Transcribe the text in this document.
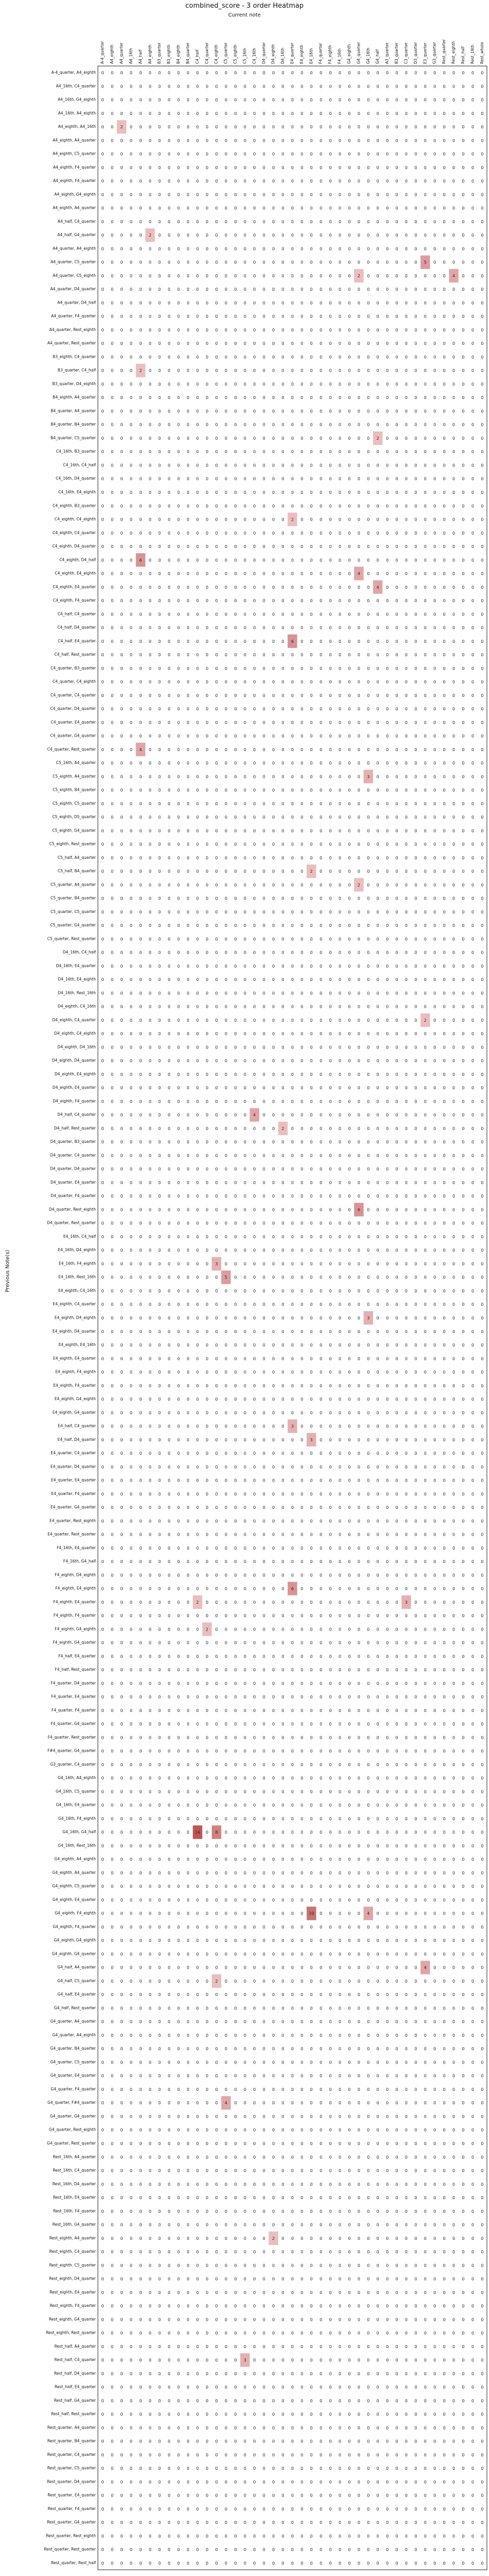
combined_score - 3 order Heatmap
Current note
Previous Note(s)
A-4_quarter A4_eighth A4_quarter A4_16th A4_half A4_eighth B3_quarter B3_eighth B4_eighth B4_quarter C4_half C4_quarter C4_eighth C5_quarter C5_eighth C5_16th C4_16th D4_quarter D4_eighth D4_16th E4_quarter E4_eighth E4_16th F4_quarter F4_eighth F4_16th G4_eighth G4_quarter G4_16th G4_half A3_quarter B3_quarter C3_quarter D3_quarter E3_quarter G3_quarter Rest_quarter Rest_eighth Rest_half Rest_16th Rest_whole
A-4_quarter, A4_eighth 0 0 0 0 0 0 0 0 0 0 0 0 0 0 0 0 0 0 0 0 0 0 0 0 0 0 0 0 0 0 0 0 0 0 0 0 0 0 0 0 0
A4_16th, C4_quarter 0 0 0 0 0 0 0 0 0 0 0 0 0 0 0 0 0 0 0 0 0 0 0 0 0 0 0 0 0 0 0 0 0 0 0 0 0 0 0 0 0
A4_16th, G4_eighth 0 0 0 0 0 0 0 0 0 0 0 0 0 0 0 0 0 0 0 0 0 0 0 0 0 0 0 0 0 0 0 0 0 0 0 0 0 0 0 0 0
A4_16th, A4_eighth 0 0 0 0 0 0 0 0 0 0 0 0 0 0 0 0 0 0 0 0 0 0 0 0 0 0 0 0 0 0 0 0 0 0 0 0 0 0 0 0 0
A4_eighth, A4_16th 0 0 2 0 0 0 0 0 0 0 0 0 0 0 0 0 0 0 0 0 0 0 0 0 0 0 0 0 0 0 0 0 0 0 0 0 0 0 0 0 0
A4_eighth, A4_quarter 0 0 0 0 0 0 0 0 0 0 0 0 0 0 0 0 0 0 0 0 0 0 0 0 0 0 0 0 0 0 0 0 0 0 0 0 0 0 0 0 0
A4_eighth, C5_quarter 0 0 0 0 0 0 0 0 0 0 0 0 0 0 0 0 0 0 0 0 0 0 0 0 0 0 0 0 0 0 0 0 0 0 0 0 0 0 0 0 0
A4_eighth, F4_quarter 0 0 0 0 0 0 0 0 0 0 0 0 0 0 0 0 0 0 0 0 0 0 0 0 0 0 0 0 0 0 0 0 0 0 0 0 0 0 0 0 0
A4_eighth, F4_quarter 0 0 0 0 0 0 0 0 0 0 0 0 0 0 0 0 0 0 0 0 0 0 0 0 0 0 0 0 0 0 0 0 0 0 0 0 0 0 0 0 0
A4_eighth, G4_eighth 0 0 0 0 0 0 0 0 0 0 0 0 0 0 0 0 0 0 0 0 0 0 0 0 0 0 0 0 0 0 0 0 0 0 0 0 0 0 0 0 0
A4_eighth, A4_quarter 0 0 0 0 0 0 0 0 0 0 0 0 0 0 0 0 0 0 0 0 0 0 0 0 0 0 0 0 0 0 0 0 0 0 0 0 0 0 0 0 0
A4_half, C4_quarter 0 0 0 0 0 0 0 0 0 0 0 0 0 0 0 0 0 0 0 0 0 0 0 0 0 0 0 0 0 0 0 0 0 0 0 0 0 0 0 0 0
A4_half, G4_quarter 0 0 0 0 0 2 0 0 0 0 0 0 0 0 0 0 0 0 0 0 0 0 0 0 0 0 0 0 0 0 0 0 0 0 0 0 0 0 0 0 0
A4_quarter, A4_eighth 0 0 0 0 0 0 0 0 0 0 0 0 0 0 0 0 0 0 0 0 0 0 0 0 0 0 0 0 0 0 0 0 0 0 0 0 0 0 0 0 0
A4_quarter, C5_quarter 0 0 0 0 0 0 0 0 0 0 0 0 0 0 0 0 0 0 0 0 0 0 0 0 0 0 0 0 0 0 0 0 0 0 5 0 0 0 0 0 0
A4_quarter, C5_eighth 0 0 0 0 0 0 0 0 0 0 0 0 0 0 0 0 0 0 0 0 0 0 0 0 0 0 0 2 0 0 0 0 0 0 0 0 0 4 0 0 0
A4_quarter, D4_quarter 0 0 0 0 0 0 0 0 0 0 0 0 0 0 0 0 0 0 0 0 0 0 0 0 0 0 0 0 0 0 0 0 0 0 0 0 0 0 0 0 0
A4_quarter, D4_half 0 0 0 0 0 0 0 0 0 0 0 0 0 0 0 0 0 0 0 0 0 0 0 0 0 0 0 0 0 0 0 0 0 0 0 0 0 0 0 0 0
A4_quarter, F4_quarter 0 0 0 0 0 0 0 0 0 0 0 0 0 0 0 0 0 0 0 0 0 0 0 0 0 0 0 0 0 0 0 0 0 0 0 0 0 0 0 0 0
A4_quarter, Rest_eighth 0 0 0 0 0 0 0 0 0 0 0 0 0 0 0 0 0 0 0 0 0 0 0 0 0 0 0 0 0 0 0 0 0 0 0 0 0 0 0 0 0
A4_quarter, Rest_quarter 0 0 0 0 0 0 0 0 0 0 0 0 0 0 0 0 0 0 0 0 0 0 0 0 0 0 0 0 0 0 0 0 0 0 0 0 0 0 0 0 0
B3_eighth, C4_quarter 0 0 0 0 0 0 0 0 0 0 0 0 0 0 0 0 0 0 0 0 0 0 0 0 0 0 0 0 0 0 0 0 0 0 0 0 0 0 0 0 0
B3_quarter, C4_half 0 0 0 0 2 0 0 0 0 0 0 0 0 0 0 0 0 0 0 0 0 0 0 0 0 0 0 0 0 0 0 0 0 0 0 0 0 0 0 0 0
B3_quarter, D4_eighth 0 0 0 0 0 0 0 0 0 0 0 0 0 0 0 0 0 0 0 0 0 0 0 0 0 0 0 0 0 0 0 0 0 0 0 0 0 0 0 0 0
B4_eighth, A4_quarter 0 0 0 0 0 0 0 0 0 0 0 0 0 0 0 0 0 0 0 0 0 0 0 0 0 0 0 0 0 0 0 0 0 0 0 0 0 0 0 0 0
B4_quarter, A4_quarter 0 0 0 0 0 0 0 0 0 0 0 0 0 0 0 0 0 0 0 0 0 0 0 0 0 0 0 0 0 0 0 0 0 0 0 0 0 0 0 0 0
B4_quarter, B4_quarter 0 0 0 0 0 0 0 0 0 0 0 0 0 0 0 0 0 0 0 0 0 0 0 0 0 0 0 0 0 0 0 0 0 0 0 0 0 0 0 0 0
B4_quarter, C5_quarter 0 0 0 0 0 0 0 0 0 0 0 0 0 0 0 0 0 0 0 0 0 0 0 0 0 0 0 0 0 2 0 0 0 0 0 0 0 0 0 0 0
C4_16th, B3_quarter 0 0 0 0 0 0 0 0 0 0 0 0 0 0 0 0 0 0 0 0 0 0 0 0 0 0 0 0 0 0 0 0 0 0 0 0 0 0 0 0 0
C4_16th, C4_half 0 0 0 0 0 0 0 0 0 0 0 0 0 0 0 0 0 0 0 0 0 0 0 0 0 0 0 0 0 0 0 0 0 0 0 0 0 0 0 0 0
C4_16th, D4_quarter 0 0 0 0 0 0 0 0 0 0 0 0 0 0 0 0 0 0 0 0 0 0 0 0 0 0 0 0 0 0 0 0 0 0 0 0 0 0 0 0 0
C4_16th, E4_eighth 0 0 0 0 0 0 0 0 0 0 0 0 0 0 0 0 0 0 0 0 0 0 0 0 0 0 0 0 0 0 0 0 0 0 0 0 0 0 0 0 0
C4_eighth, B3_quarter 0 0 0 0 0 0 0 0 0 0 0 0 0 0 0 0 0 0 0 0 0 0 0 0 0 0 0 0 0 0 0 0 0 0 0 0 0 0 0 0 0
C4_eighth, C4_eighth 0 0 0 0 0 0 0 0 0 0 0 0 0 0 0 0 0 0 0 0 2 0 0 0 0 0 0 0 0 0 0 0 0 0 0 0 0 0 0 0 0
C4_eighth, C4_quarter 0 0 0 0 0 0 0 0 0 0 0 0 0 0 0 0 0 0 0 0 0 0 0 0 0 0 0 0 0 0 0 0 0 0 0 0 0 0 0 0 0
C4_eighth, D4_quarter 0 0 0 0 0 0 0 0 0 0 0 0 0 0 0 0 0 0 0 0 0 0 0 0 0 0 0 0 0 0 0 0 0 0 0 0 0 0 0 0 0
C4_eighth, D4_half 0 0 0 0 6 0 0 0 0 0 0 0 0 0 0 0 0 0 0 0 0 0 0 0 0 0 0 0 0 0 0 0 0 0 0 0 0 0 0 0 0
C4_eighth, E4_eighth 0 0 0 0 0 0 0 0 0 0 0 0 0 0 0 0 0 0 0 0 0 0 0 0 0 0 0 4 0 0 0 0 0 0 0 0 0 0 0 0 0
C4_eighth, E4_quarter 0 0 0 0 0 0 0 0 0 0 0 0 0 0 0 0 0 0 0 0 0 0 0 0 0 0 0 0 0 4 0 0 0 0 0 0 0 0 0 0 0
C4_eighth, F4_quarter 0 0 0 0 0 0 0 0 0 0 0 0 0 0 0 0 0 0 0 0 0 0 0 0 0 0 0 0 0 0 0 0 0 0 0 0 0 0 0 0 0
C4_half, C4_quarter 0 0 0 0 0 0 0 0 0 0 0 0 0 0 0 0 0 0 0 0 0 0 0 0 0 0 0 0 0 0 0 0 0 0 0 0 0 0 0 0 0
C4_half, D4_quarter 0 0 0 0 0 0 0 0 0 0 0 0 0 0 0 0 0 0 0 0 0 0 0 0 0 0 0 0 0 0 0 0 0 0 0 0 0 0 0 0 0
C4_half, E4_quarter 0 0 0 0 0 0 0 0 0 0 0 0 0 0 0 0 0 0 0 0 6 0 0 0 0 0 0 0 0 0 0 0 0 0 0 0 0 0 0 0 0
C4_half, Rest_quarter 0 0 0 0 0 0 0 0 0 0 0 0 0 0 0 0 0 0 0 0 0 0 0 0 0 0 0 0 0 0 0 0 0 0 0 0 0 0 0 0 0
C4_quarter, B3_quarter 0 0 0 0 0 0 0 0 0 0 0 0 0 0 0 0 0 0 0 0 0 0 0 0 0 0 0 0 0 0 0 0 0 0 0 0 0 0 0 0 0
C4_quarter, C4_eighth 0 0 0 0 0 0 0 0 0 0 0 0 0 0 0 0 0 0 0 0 0 0 0 0 0 0 0 0 0 0 0 0 0 0 0 0 0 0 0 0 0
C4_quarter, C4_quarter 0 0 0 0 0 0 0 0 0 0 0 0 0 0 0 0 0 0 0 0 0 0 0 0 0 0 0 0 0 0 0 0 0 0 0 0 0 0 0 0 0
C4_quarter, D4_quarter 0 0 0 0 0 0 0 0 0 0 0 0 0 0 0 0 0 0 0 0 0 0 0 0 0 0 0 0 0 0 0 0 0 0 0 0 0 0 0 0 0
C4_quarter, E4_quarter 0 0 0 0 0 0 0 0 0 0 0 0 0 0 0 0 0 0 0 0 0 0 0 0 0 0 0 0 0 0 0 0 0 0 0 0 0 0 0 0 0
C4_quarter, G4_quarter 0 0 0 0 0 0 0 0 0 0 0 0 0 0 0 0 0 0 0 0 0 0 0 0 0 0 0 0 0 0 0 0 0 0 0 0 0 0 0 0 0
C4_quarter, Rest_quarter 0 0 0 0 4 0 0 0 0 0 0 0 0 0 0 0 0 0 0 0 0 0 0 0 0 0 0 0 0 0 0 0 0 0 0 0 0 0 0 0 0
C5_16th, A4_quarter 0 0 0 0 0 0 0 0 0 0 0 0 0 0 0 0 0 0 0 0 0 0 0 0 0 0 0 0 0 0 0 0 0 0 0 0 0 0 0 0 0
C5_eighth, A4_quarter 0 0 0 0 0 0 0 0 0 0 0 0 0 0 0 0 0 0 0 0 0 0 0 0 0 0 0 0 3 0 0 0 0 0 0 0 0 0 0 0 0
C5_eighth, B4_quarter 0 0 0 0 0 0 0 0 0 0 0 0 0 0 0 0 0 0 0 0 0 0 0 0 0 0 0 0 0 0 0 0 0 0 0 0 0 0 0 0 0
C5_eighth, C5_quarter 0 0 0 0 0 0 0 0 0 0 0 0 0 0 0 0 0 0 0 0 0 0 0 0 0 0 0 0 0 0 0 0 0 0 0 0 0 0 0 0 0
C5_eighth, D5_quarter 0 0 0 0 0 0 0 0 0 0 0 0 0 0 0 0 0 0 0 0 0 0 0 0 0 0 0 0 0 0 0 0 0 0 0 0 0 0 0 0 0
C5_eighth, G4_quarter 0 0 0 0 0 0 0 0 0 0 0 0 0 0 0 0 0 0 0 0 0 0 0 0 0 0 0 0 0 0 0 0 0 0 0 0 0 0 0 0 0
C5_eighth, Rest_quarter 0 0 0 0 0 0 0 0 0 0 0 0 0 0 0 0 0 0 0 0 0 0 0 0 0 0 0 0 0 0 0 0 0 0 0 0 0 0 0 0 0
C5_half, A4_quarter 0 0 0 0 0 0 0 0 0 0 0 0 0 0 0 0 0 0 0 0 0 0 0 0 0 0 0 0 0 0 0 0 0 0 0 0 0 0 0 0 0
C5_half, B4_quarter 0 0 0 0 0 0 0 0 0 0 0 0 0 0 0 0 0 0 0 0 0 0 2 0 0 0 0 0 0 0 0 0 0 0 0 0 0 0 0 0 0
C5_quarter, A4_quarter 0 0 0 0 0 0 0 0 0 0 0 0 0 0 0 0 0 0 0 0 0 0 0 0 0 0 0 2 0 0 0 0 0 0 0 0 0 0 0 0 0
C5_quarter, B4_quarter 0 0 0 0 0 0 0 0 0 0 0 0 0 0 0 0 0 0 0 0 0 0 0 0 0 0 0 0 0 0 0 0 0 0 0 0 0 0 0 0 0
C5_quarter, C5_quarter 0 0 0 0 0 0 0 0 0 0 0 0 0 0 0 0 0 0 0 0 0 0 0 0 0 0 0 0 0 0 0 0 0 0 0 0 0 0 0 0 0
C5_quarter, G4_quarter 0 0 0 0 0 0 0 0 0 0 0 0 0 0 0 0 0 0 0 0 0 0 0 0 0 0 0 0 0 0 0 0 0 0 0 0 0 0 0 0 0
C5_quarter, Rest_quarter 0 0 0 0 0 0 0 0 0 0 0 0 0 0 0 0 0 0 0 0 0 0 0 0 0 0 0 0 0 0 0 0 0 0 0 0 0 0 0 0 0
D4_16th, C4_half 0 0 0 0 0 0 0 0 0 0 0 0 0 0 0 0 0 0 0 0 0 0 0 0 0 0 0 0 0 0 0 0 0 0 0 0 0 0 0 0 0
D4_16th, E4_quarter 0 0 0 0 0 0 0 0 0 0 0 0 0 0 0 0 0 0 0 0 0 0 0 0 0 0 0 0 0 0 0 0 0 0 0 0 0 0 0 0 0
D4_16th, E4_eighth 0 0 0 0 0 0 0 0 0 0 0 0 0 0 0 0 0 0 0 0 0 0 0 0 0 0 0 0 0 0 0 0 0 0 0 0 0 0 0 0 0
D4_16th, Rest_16th 0 0 0 0 0 0 0 0 0 0 0 0 0 0 0 0 0 0 0 0 0 0 0 0 0 0 0 0 0 0 0 0 0 0 0 0 0 0 0 0 0
D4_eighth, C4_16th 0 0 0 0 0 0 0 0 0 0 0 0 0 0 0 0 0 0 0 0 0 0 0 0 0 0 0 0 0 0 0 0 0 0 0 0 0 0 0 0 0
D4_eighth, C4_quarter 0 0 0 0 0 0 0 0 0 0 0 0 0 0 0 0 0 0 0 0 0 0 0 0 0 0 0 0 0 0 0 0 0 0 2 0 0 0 0 0 0
D4_eighth, C4_eighth 0 0 0 0 0 0 0 0 0 0 0 0 0 0 0 0 0 0 0 0 0 0 0 0 0 0 0 0 0 0 0 0 0 0 0 0 0 0 0 0 0
D4_eighth, D4_16th 0 0 0 0 0 0 0 0 0 0 0 0 0 0 0 0 0 0 0 0 0 0 0 0 0 0 0 0 0 0 0 0 0 0 0 0 0 0 0 0 0
D4_eighth, D4_quarter 0 0 0 0 0 0 0 0 0 0 0 0 0 0 0 0 0 0 0 0 0 0 0 0 0 0 0 0 0 0 0 0 0 0 0 0 0 0 0 0 0
D4_eighth, E4_eighth 0 0 0 0 0 0 0 0 0 0 0 0 0 0 0 0 0 0 0 0 0 0 0 0 0 0 0 0 0 0 0 0 0 0 0 0 0 0 0 0 0
D4_eighth, E4_quarter 0 0 0 0 0 0 0 0 0 0 0 0 0 0 0 0 0 0 0 0 0 0 0 0 0 0 0 0 0 0 0 0 0 0 0 0 0 0 0 0 0
D4_eighth, F4_quarter 0 0 0 0 0 0 0 0 0 0 0 0 0 0 0 0 0 0 0 0 0 0 0 0 0 0 0 0 0 0 0 0 0 0 0 0 0 0 0 0 0
D4_half, C4_quarter 0 0 0 0 0 0 0 0 0 0 0 0 0 0 0 0 4 0 0 0 0 0 0 0 0 0 0 0 0 0 0 0 0 0 0 0 0 0 0 0 0
D4_half, Rest_quarter 0 0 0 0 0 0 0 0 0 0 0 0 0 0 0 0 0 0 0 2 0 0 0 0 0 0 0 0 0 0 0 0 0 0 0 0 0 0 0 0 0
D4_quarter, B3_quarter 0 0 0 0 0 0 0 0 0 0 0 0 0 0 0 0 0 0 0 0 0 0 0 0 0 0 0 0 0 0 0 0 0 0 0 0 0 0 0 0 0
D4_quarter, C4_quarter 0 0 0 0 0 0 0 0 0 0 0 0 0 0 0 0 0 0 0 0 0 0 0 0 0 0 0 0 0 0 0 0 0 0 0 0 0 0 0 0 0
D4_quarter, D4_quarter 0 0 0 0 0 0 0 0 0 0 0 0 0 0 0 0 0 0 0 0 0 0 0 0 0 0 0 0 0 0 0 0 0 0 0 0 0 0 0 0 0
D4_quarter, E4_quarter 0 0 0 0 0 0 0 0 0 0 0 0 0 0 0 0 0 0 0 0 0 0 0 0 0 0 0 0 0 0 0 0 0 0 0 0 0 0 0 0 0
D4_quarter, F4_quarter 0 0 0 0 0 0 0 0 0 0 0 0 0 0 0 0 0 0 0 0 0 0 0 0 0 0 0 0 0 0 0 0 0 0 0 0 0 0 0 0 0
D4_quarter, Rest_eighth 0 0 0 0 0 0 0 0 0 0 0 0 0 0 0 0 0 0 0 0 0 0 0 0 0 0 0 6 0 0 0 0 0 0 0 0 0 0 0 0 0
D4_quarter, Rest_quarter 0 0 0 0 0 0 0 0 0 0 0 0 0 0 0 0 0 0 0 0 0 0 0 0 0 0 0 0 0 0 0 0 0 0 0 0 0 0 0 0 0
E4_16th, C4_half 0 0 0 0 0 0 0 0 0 0 0 0 0 0 0 0 0 0 0 0 0 0 0 0 0 0 0 0 0 0 0 0 0 0 0 0 0 0 0 0 0
E4_16th, D4_eighth 0 0 0 0 0 0 0 0 0 0 0 0 0 0 0 0 0 0 0 0 0 0 0 0 0 0 0 0 0 0 0 0 0 0 0 0 0 0 0 0 0
E4_16th, F4_eighth 0 0 0 0 0 0 0 0 0 0 0 0 3 0 0 0 0 0 0 0 0 0 0 0 0 0 0 0 0 0 0 0 0 0 0 0 0 0 0 0 0
E4_16th, Rest_16th 0 0 0 0 0 0 0 0 0 0 0 0 0 5 0 0 0 0 0 0 0 0 0 0 0 0 0 0 0 0 0 0 0 0 0 0 0 0 0 0 0
E4_eighth, C4_16th 0 0 0 0 0 0 0 0 0 0 0 0 0 0 0 0 0 0 0 0 0 0 0 0 0 0 0 0 0 0 0 0 0 0 0 0 0 0 0 0 0
E4_eighth, C4_quarter 0 0 0 0 0 0 0 0 0 0 0 0 0 0 0 0 0 0 0 0 0 0 0 0 0 0 0 0 0 0 0 0 0 0 0 0 0 0 0 0 0
E4_eighth, D4_eighth 0 0 0 0 0 0 0 0 0 0 0 0 0 0 0 0 0 0 0 0 0 0 0 0 0 0 0 0 3 0 0 0 0 0 0 0 0 0 0 0 0
E4_eighth, D4_quarter 0 0 0 0 0 0 0 0 0 0 0 0 0 0 0 0 0 0 0 0 0 0 0 0 0 0 0 0 0 0 0 0 0 0 0 0 0 0 0 0 0
E4_eighth, E4_16th 0 0 0 0 0 0 0 0 0 0 0 0 0 0 0 0 0 0 0 0 0 0 0 0 0 0 0 0 0 0 0 0 0 0 0 0 0 0 0 0 0
E4_eighth, E4_quarter 0 0 0 0 0 0 0 0 0 0 0 0 0 0 0 0 0 0 0 0 0 0 0 0 0 0 0 0 0 0 0 0 0 0 0 0 0 0 0 0 0
E4_eighth, F4_eighth 0 0 0 0 0 0 0 0 0 0 0 0 0 0 0 0 0 0 0 0 0 0 0 0 0 0 0 0 0 0 0 0 0 0 0 0 0 0 0 0 0
E4_eighth, F4_quarter 0 0 0 0 0 0 0 0 0 0 0 0 0 0 0 0 0 0 0 0 0 0 0 0 0 0 0 0 0 0 0 0 0 0 0 0 0 0 0 0 0
E4_eighth, G4_eighth 0 0 0 0 0 0 0 0 0 0 0 0 0 0 0 0 0 0 0 0 0 0 0 0 0 0 0 0 0 0 0 0 0 0 0 0 0 0 0 0 0
E4_eighth, G4_quarter 0 0 0 0 0 0 0 0 0 0 0 0 0 0 0 0 0 0 0 0 0 0 0 0 0 0 0 0 0 0 0 0 0 0 0 0 0 0 0 0 0
E4_half, C4_quarter 0 0 0 0 0 0 0 0 0 0 0 0 0 0 0 0 0 0 0 0 3 0 0 0 0 0 0 0 0 0 0 0 0 0 0 0 0 0 0 0 0
E4_half, D4_quarter 0 0 0 0 0 0 0 0 0 0 0 0 0 0 0 0 0 0 0 0 0 0 3 0 0 0 0 0 0 0 0 0 0 0 0 0 0 0 0 0 0
E4_quarter, C4_quarter 0 0 0 0 0 0 0 0 0 0 0 0 0 0 0 0 0 0 0 0 0 0 0 0 0 0 0 0 0 0 0 0 0 0 0 0 0 0 0 0 0
E4_quarter, D4_quarter 0 0 0 0 0 0 0 0 0 0 0 0 0 0 0 0 0 0 0 0 0 0 0 0 0 0 0 0 0 0 0 0 0 0 0 0 0 0 0 0 0
E4_quarter, E4_quarter 0 0 0 0 0 0 0 0 0 0 0 0 0 0 0 0 0 0 0 0 0 0 0 0 0 0 0 0 0 0 0 0 0 0 0 0 0 0 0 0 0
E4_quarter, F4_quarter 0 0 0 0 0 0 0 0 0 0 0 0 0 0 0 0 0 0 0 0 0 0 0 0 0 0 0 0 0 0 0 0 0 0 0 0 0 0 0 0 0
E4_quarter, G4_quarter 0 0 0 0 0 0 0 0 0 0 0 0 0 0 0 0 0 0 0 0 0 0 0 0 0 0 0 0 0 0 0 0 0 0 0 0 0 0 0 0 0
E4_quarter, Rest_eighth 0 0 0 0 0 0 0 0 0 0 0 0 0 0 0 0 0 0 0 0 0 0 0 0 0 0 0 0 0 0 0 0 0 0 0 0 0 0 0 0 0
E4_quarter, Rest_quarter 0 0 0 0 0 0 0 0 0 0 0 0 0 0 0 0 0 0 0 0 0 0 0 0 0 0 0 0 0 0 0 0 0 0 0 0 0 0 0 0 0
F4_16th, E4_quarter 0 0 0 0 0 0 0 0 0 0 0 0 0 0 0 0 0 0 0 0 0 0 0 0 0 0 0 0 0 0 0 0 0 0 0 0 0 0 0 0 0
F4_16th, G4_half 0 0 0 0 0 0 0 0 0 0 0 0 0 0 0 0 0 0 0 0 0 0 0 0 0 0 0 0 0 0 0 0 0 0 0 0 0 0 0 0 0
F4_eighth, D4_eighth 0 0 0 0 0 0 0 0 0 0 0 0 0 0 0 0 0 0 0 0 0 0 0 0 0 0 0 0 0 0 0 0 0 0 0 0 0 0 0 0 0
F4_eighth, E4_eighth 0 0 0 0 0 0 0 0 0 0 0 0 0 0 0 0 0 0 0 0 6 0 0 0 0 0 0 0 0 0 0 0 0 0 0 0 0 0 0 0 0
F4_eighth, E4_quarter 0 0 0 0 0 0 0 0 0 0 2 0 0 0 0 0 0 0 0 0 0 0 0 0 0 0 0 0 0 0 0 0 3 0 0 0 0 0 0 0 0
F4_eighth, F4_quarter 0 0 0 0 0 0 0 0 0 0 0 0 0 0 0 0 0 0 0 0 0 0 0 0 0 0 0 0 0 0 0 0 0 0 0 0 0 0 0 0 0
F4_eighth, G4_eighth 0 0 0 0 0 0 0 0 0 0 0 2 0 0 0 0 0 0 0 0 0 0 0 0 0 0 0 0 0 0 0 0 0 0 0 0 0 0 0 0 0
F4_eighth, G4_quarter 0 0 0 0 0 0 0 0 0 0 0 0 0 0 0 0 0 0 0 0 0 0 0 0 0 0 0 0 0 0 0 0 0 0 0 0 0 0 0 0 0
F4_half, E4_quarter 0 0 0 0 0 0 0 0 0 0 0 0 0 0 0 0 0 0 0 0 0 0 0 0 0 0 0 0 0 0 0 0 0 0 0 0 0 0 0 0 0
F4_half, Rest_quarter 0 0 0 0 0 0 0 0 0 0 0 0 0 0 0 0 0 0 0 0 0 0 0 0 0 0 0 0 0 0 0 0 0 0 0 0 0 0 0 0 0
F4_quarter, D4_quarter 0 0 0 0 0 0 0 0 0 0 0 0 0 0 0 0 0 0 0 0 0 0 0 0 0 0 0 0 0 0 0 0 0 0 0 0 0 0 0 0 0
F4_quarter, E4_quarter 0 0 0 0 0 0 0 0 0 0 0 0 0 0 0 0 0 0 0 0 0 0 0 0 0 0 0 0 0 0 0 0 0 0 0 0 0 0 0 0 0
F4_quarter, F4_quarter 0 0 0 0 0 0 0 0 0 0 0 0 0 0 0 0 0 0 0 0 0 0 0 0 0 0 0 0 0 0 0 0 0 0 0 0 0 0 0 0 0
F4_quarter, G4_quarter 0 0 0 0 0 0 0 0 0 0 0 0 0 0 0 0 0 0 0 0 0 0 0 0 0 0 0 0 0 0 0 0 0 0 0 0 0 0 0 0 0
F4_quarter, Rest_quarter 0 0 0 0 0 0 0 0 0 0 0 0 0 0 0 0 0 0 0 0 0 0 0 0 0 0 0 0 0 0 0 0 0 0 0 0 0 0 0 0 0
F#4_quarter, G4_quarter 0 0 0 0 0 0 0 0 0 0 0 0 0 0 0 0 0 0 0 0 0 0 0 0 0 0 0 0 0 0 0 0 0 0 0 0 0 0 0 0 0
G3_quarter, C4_quarter 0 0 0 0 0 0 0 0 0 0 0 0 0 0 0 0 0 0 0 0 0 0 0 0 0 0 0 0 0 0 0 0 0 0 0 0 0 0 0 0 0
G4_16th, A4_eighth 0 0 0 0 0 0 0 0 0 0 0 0 0 0 0 0 0 0 0 0 0 0 0 0 0 0 0 0 0 0 0 0 0 0 0 0 0 0 0 0 0
G4_16th, C5_quarter 0 0 0 0 0 0 0 0 0 0 0 0 0 0 0 0 0 0 0 0 0 0 0 0 0 0 0 0 0 0 0 0 0 0 0 0 0 0 0 0 0
G4_16th, E4_quarter 0 0 0 0 0 0 0 0 0 0 0 0 0 0 0 0 0 0 0 0 0 0 0 0 0 0 0 0 0 0 0 0 0 0 0 0 0 0 0 0 0
G4_16th, F4_eighth 0 0 0 0 0 0 0 0 0 0 0 0 0 0 0 0 0 0 0 0 0 0 0 0 0 0 0 0 0 0 0 0 0 0 0 0 0 0 0 0 0
G4_16th, G4_half 0 0 0 0 0 0 0 0 0 0 14 0 8 0 0 0 0 0 0 0 0 0 0 0 0 0 0 0 0 0 0 0 0 0 0 0 0 0 0 0 0
G4_16th, Rest_16th 0 0 0 0 0 0 0 0 0 0 0 0 0 0 0 0 0 0 0 0 0 0 0 0 0 0 0 0 0 0 0 0 0 0 0 0 0 0 0 0 0
G4_eighth, A4_eighth 0 0 0 0 0 0 0 0 0 0 0 0 0 0 0 0 0 0 0 0 0 0 0 0 0 0 0 0 0 0 0 0 0 0 0 0 0 0 0 0 0
G4_eighth, A4_quarter 0 0 0 0 0 0 0 0 0 0 0 0 0 0 0 0 0 0 0 0 0 0 0 0 0 0 0 0 0 0 0 0 0 0 0 0 0 0 0 0 0
G4_eighth, C5_quarter 0 0 0 0 0 0 0 0 0 0 0 0 0 0 0 0 0 0 0 0 0 0 0 0 0 0 0 0 0 0 0 0 0 0 0 0 0 0 0 0 0
G4_eighth, E4_quarter 0 0 0 0 0 0 0 0 0 0 0 0 0 0 0 0 0 0 0 0 0 0 0 0 0 0 0 0 0 0 0 0 0 0 0 0 0 0 0 0 0
G4_eighth, F4_eighth 0 0 0 0 0 0 0 0 0 0 0 0 0 0 0 0 0 0 0 0 0 0 10 0 0 0 0 0 4 0 0 0 0 0 0 0 0 0 0 0 0
G4_eighth, F4_quarter 0 0 0 0 0 0 0 0 0 0 0 0 0 0 0 0 0 0 0 0 0 0 0 0 0 0 0 0 0 0 0 0 0 0 0 0 0 0 0 0 0
G4_eighth, G4_eighth 0 0 0 0 0 0 0 0 0 0 0 0 0 0 0 0 0 0 0 0 0 0 0 0 0 0 0 0 0 0 0 0 0 0 0 0 0 0 0 0 0
G4_eighth, G4_quarter 0 0 0 0 0 0 0 0 0 0 0 0 0 0 0 0 0 0 0 0 0 0 0 0 0 0 0 0 0 0 0 0 0 0 0 0 0 0 0 0 0
G4_half, A4_quarter 0 0 0 0 0 0 0 0 0 0 0 0 0 0 0 0 0 0 0 0 0 0 0 0 0 0 0 0 0 0 0 0 0 0 4 0 0 0 0 0 0
G4_half, C5_quarter 0 0 0 0 0 0 0 0 0 0 0 0 2 0 0 0 0 0 0 0 0 0 0 0 0 0 0 0 0 0 0 0 0 0 0 0 0 0 0 0 0
G4_half, E4_quarter 0 0 0 0 0 0 0 0 0 0 0 0 0 0 0 0 0 0 0 0 0 0 0 0 0 0 0 0 0 0 0 0 0 0 0 0 0 0 0 0 0
G4_half, Rest_quarter 0 0 0 0 0 0 0 0 0 0 0 0 0 0 0 0 0 0 0 0 0 0 0 0 0 0 0 0 0 0 0 0 0 0 0 0 0 0 0 0 0
G4_quarter, A4_quarter 0 0 0 0 0 0 0 0 0 0 0 0 0 0 0 0 0 0 0 0 0 0 0 0 0 0 0 0 0 0 0 0 0 0 0 0 0 0 0 0 0
G4_quarter, A4_eighth 0 0 0 0 0 0 0 0 0 0 0 0 0 0 0 0 0 0 0 0 0 0 0 0 0 0 0 0 0 0 0 0 0 0 0 0 0 0 0 0 0
G4_quarter, B4_quarter 0 0 0 0 0 0 0 0 0 0 0 0 0 0 0 0 0 0 0 0 0 0 0 0 0 0 0 0 0 0 0 0 0 0 0 0 0 0 0 0 0
G4_quarter, C5_quarter 0 0 0 0 0 0 0 0 0 0 0 0 0 0 0 0 0 0 0 0 0 0 0 0 0 0 0 0 0 0 0 0 0 0 0 0 0 0 0 0 0
G4_quarter, E4_quarter 0 0 0 0 0 0 0 0 0 0 0 0 0 0 0 0 0 0 0 0 0 0 0 0 0 0 0 0 0 0 0 0 0 0 0 0 0 0 0 0 0
G4_quarter, F4_quarter 0 0 0 0 0 0 0 0 0 0 0 0 0 0 0 0 0 0 0 0 0 0 0 0 0 0 0 0 0 0 0 0 0 0 0 0 0 0 0 0 0
G4_quarter, F#4_quarter 0 0 0 0 0 0 0 0 0 0 0 0 0 4 0 0 0 0 0 0 0 0 0 0 0 0 0 0 0 0 0 0 0 0 0 0 0 0 0 0 0
G4_quarter, G4_quarter 0 0 0 0 0 0 0 0 0 0 0 0 0 0 0 0 0 0 0 0 0 0 0 0 0 0 0 0 0 0 0 0 0 0 0 0 0 0 0 0 0
G4_quarter, Rest_eighth 0 0 0 0 0 0 0 0 0 0 0 0 0 0 0 0 0 0 0 0 0 0 0 0 0 0 0 0 0 0 0 0 0 0 0 0 0 0 0 0 0
G4_quarter, Rest_quarter 0 0 0 0 0 0 0 0 0 0 0 0 0 0 0 0 0 0 0 0 0 0 0 0 0 0 0 0 0 0 0 0 0 0 0 0 0 0 0 0 0
Rest_16th, A4_quarter 0 0 0 0 0 0 0 0 0 0 0 0 0 0 0 0 0 0 0 0 0 0 0 0 0 0 0 0 0 0 0 0 0 0 0 0 0 0 0 0 0
Rest_16th, C4_quarter 0 0 0 0 0 0 0 0 0 0 0 0 0 0 0 0 0 0 0 0 0 0 0 0 0 0 0 0 0 0 0 0 0 0 0 0 0 0 0 0 0
Rest_16th, D4_quarter 0 0 0 0 0 0 0 0 0 0 0 0 0 0 0 0 0 0 0 0 0 0 0 0 0 0 0 0 0 0 0 0 0 0 0 0 0 0 0 0 0
Rest_16th, E4_quarter 0 0 0 0 0 0 0 0 0 0 0 0 0 0 0 0 0 0 0 0 0 0 0 0 0 0 0 0 0 0 0 0 0 0 0 0 0 0 0 0 0
Rest_16th, F4_quarter 0 0 0 0 0 0 0 0 0 0 0 0 0 0 0 0 0 0 0 0 0 0 0 0 0 0 0 0 0 0 0 0 0 0 0 0 0 0 0 0 0
Rest_16th, G4_quarter 0 0 0 0 0 0 0 0 0 0 0 0 0 0 0 0 0 0 0 0 0 0 0 0 0 0 0 0 0 0 0 0 0 0 0 0 0 0 0 0 0
Rest_eighth, A4_quarter 0 0 0 0 0 0 0 0 0 0 0 0 0 0 0 0 0 0 2 0 0 0 0 0 0 0 0 0 0 0 0 0 0 0 0 0 0 0 0 0 0
Rest_eighth, C4_quarter 0 0 0 0 0 0 0 0 0 0 0 0 0 0 0 0 0 0 0 0 0 0 0 0 0 0 0 0 0 0 0 0 0 0 0 0 0 0 0 0 0
Rest_eighth, C5_quarter 0 0 0 0 0 0 0 0 0 0 0 0 0 0 0 0 0 0 0 0 0 0 0 0 0 0 0 0 0 0 0 0 0 0 0 0 0 0 0 0 0
Rest_eighth, D4_quarter 0 0 0 0 0 0 0 0 0 0 0 0 0 0 0 0 0 0 0 0 0 0 0 0 0 0 0 0 0 0 0 0 0 0 0 0 0 0 0 0 0
Rest_eighth, E4_quarter 0 0 0 0 0 0 0 0 0 0 0 0 0 0 0 0 0 0 0 0 0 0 0 0 0 0 0 0 0 0 0 0 0 0 0 0 0 0 0 0 0
Rest_eighth, F4_quarter 0 0 0 0 0 0 0 0 0 0 0 0 0 0 0 0 0 0 0 0 0 0 0 0 0 0 0 0 0 0 0 0 0 0 0 0 0 0 0 0 0
Rest_eighth, G4_quarter 0 0 0 0 0 0 0 0 0 0 0 0 0 0 0 0 0 0 0 0 0 0 0 0 0 0 0 0 0 0 0 0 0 0 0 0 0 0 0 0 0
Rest_eighth, Rest_quarter 0 0 0 0 0 0 0 0 0 0 0 0 0 0 0 0 0 0 0 0 0 0 0 0 0 0 0 0 0 0 0 0 0 0 0 0 0 0 0 0 0
Rest_half, A4_quarter 0 0 0 0 0 0 0 0 0 0 0 0 0 0 0 0 0 0 0 0 0 0 0 0 0 0 0 0 0 0 0 0 0 0 0 0 0 0 0 0 0
Rest_half, C4_quarter 0 0 0 0 0 0 0 0 0 0 0 0 0 0 0 3 0 0 0 0 0 0 0 0 0 0 0 0 0 0 0 0 0 0 0 0 0 0 0 0 0
Rest_half, D4_quarter 0 0 0 0 0 0 0 0 0 0 0 0 0 0 0 0 0 0 0 0 0 0 0 0 0 0 0 0 0 0 0 0 0 0 0 0 0 0 0 0 0
Rest_half, E4_quarter 0 0 0 0 0 0 0 0 0 0 0 0 0 0 0 0 0 0 0 0 0 0 0 0 0 0 0 0 0 0 0 0 0 0 0 0 0 0 0 0 0
Rest_half, G4_quarter 0 0 0 0 0 0 0 0 0 0 0 0 0 0 0 0 0 0 0 0 0 0 0 0 0 0 0 0 0 0 0 0 0 0 0 0 0 0 0 0 0
Rest_half, Rest_quarter 0 0 0 0 0 0 0 0 0 0 0 0 0 0 0 0 0 0 0 0 0 0 0 0 0 0 0 0 0 0 0 0 0 0 0 0 0 0 0 0 0
Rest_quarter, A4_quarter 0 0 0 0 0 0 0 0 0 0 0 0 0 0 0 0 0 0 0 0 0 0 0 0 0 0 0 0 0 0 0 0 0 0 0 0 0 0 0 0 0
Rest_quarter, B4_quarter 0 0 0 0 0 0 0 0 0 0 0 0 0 0 0 0 0 0 0 0 0 0 0 0 0 0 0 0 0 0 0 0 0 0 0 0 0 0 0 0 0
Rest_quarter, C4_quarter 0 0 0 0 0 0 0 0 0 0 0 0 0 0 0 0 0 0 0 0 0 0 0 0 0 0 0 0 0 0 0 0 0 0 0 0 0 0 0 0 0
Rest_quarter, C5_quarter 0 0 0 0 0 0 0 0 0 0 0 0 0 0 0 0 0 0 0 0 0 0 0 0 0 0 0 0 0 0 0 0 0 0 0 0 0 0 0 0 0
Rest_quarter, D4_quarter 0 0 0 0 0 0 0 0 0 0 0 0 0 0 0 0 0 0 0 0 0 0 0 0 0 0 0 0 0 0 0 0 0 0 0 0 0 0 0 0 0
Rest_quarter, E4_quarter 0 0 0 0 0 0 0 0 0 0 0 0 0 0 0 0 0 0 0 0 0 0 0 0 0 0 0 0 0 0 0 0 0 0 0 0 0 0 0 0 0
Rest_quarter, F4_quarter 0 0 0 0 0 0 0 0 0 0 0 0 0 0 0 0 0 0 0 0 0 0 0 0 0 0 0 0 0 0 0 0 0 0 0 0 0 0 0 0 0
Rest_quarter, G4_quarter 0 0 0 0 0 0 0 0 0 0 0 0 0 0 0 0 0 0 0 0 0 0 0 0 0 0 0 0 0 0 0 0 0 0 0 0 0 0 0 0 0
Rest_quarter, Rest_eighth 0 0 0 0 0 0 0 0 0 0 0 0 0 0 0 0 0 0 0 0 0 0 0 0 0 0 0 0 0 0 0 0 0 0 0 0 0 0 0 0 0
Rest_quarter, Rest_quarter 0 0 0 0 0 0 0 0 0 0 0 0 0 0 0 0 0 0 0 0 0 0 0 0 0 0 0 0 0 0 0 0 0 0 0 0 0 0 0 0 0
Rest_quarter, Rest_half 0 0 0 0 0 0 0 0 0 0 0 0 0 0 0 0 0 0 0 0 0 0 0 0 0 0 0 0 0 0 0 0 0 0 0 0 0 0 0 0 0
